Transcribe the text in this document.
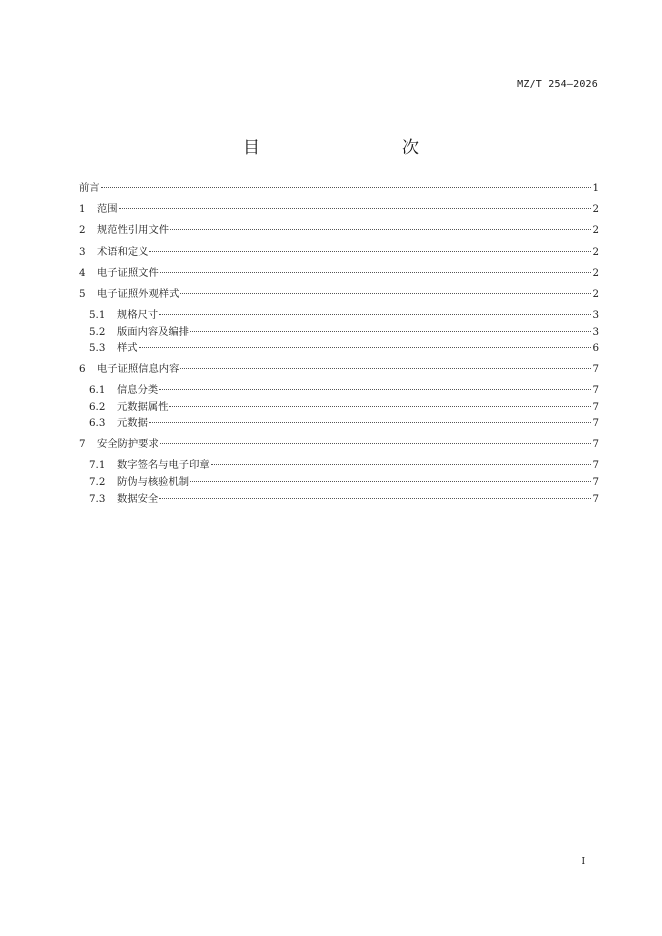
MZ/T 254—2026
目　　次
前言	1
1	范围	2
2	规范性引用文件	2
3	术语和定义	2
4	电子证照文件	2
5	电子证照外观样式	2
5.1	规格尺寸	3
5.2	版面内容及编排	3
5.3	样式	6
6	电子证照信息内容	7
6.1	信息分类	7
6.2	元数据属性	7
6.3	元数据	7
7	安全防护要求	7
7.1	数字签名与电子印章	7
7.2	防伪与核验机制	7
7.3	数据安全	7
I
